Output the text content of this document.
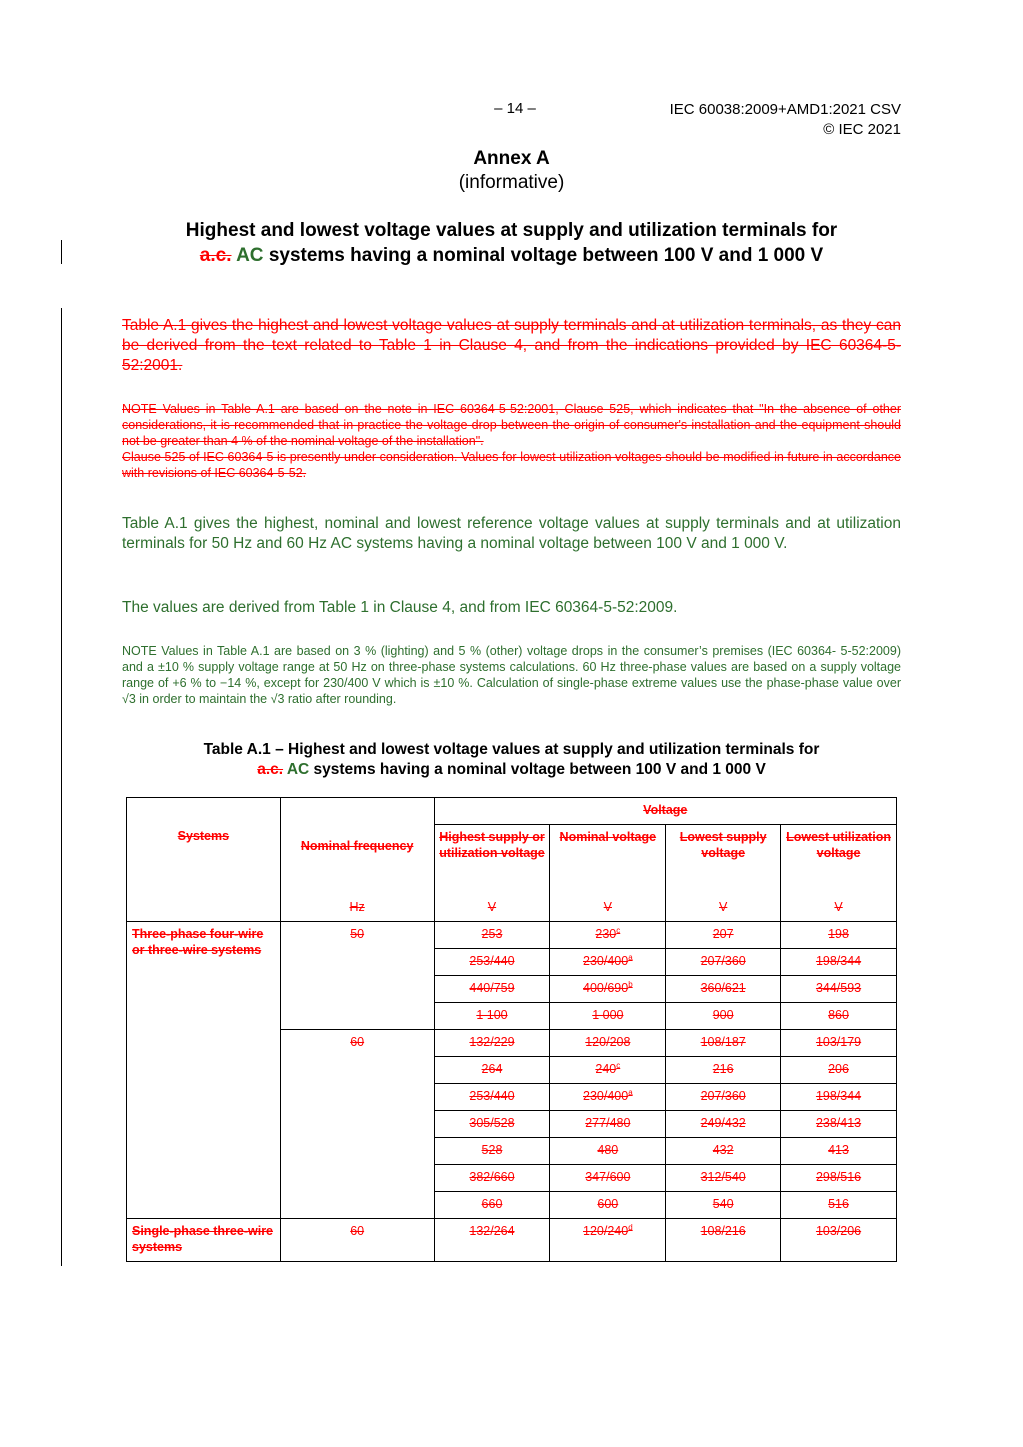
– 14 –	IEC 60038:2009+AMD1:2021 CSV
© IEC 2021
Annex A
(informative)
Highest and lowest voltage values at supply and utilization terminals for
a.c. AC systems having a nominal voltage between 100 V and 1 000 V
Table A.1 gives the highest and lowest voltage values at supply terminals and at utilization terminals, as they can be derived from the text related to Table 1 in Clause 4, and from the indications provided by IEC 60364-5-52:2001.
NOTE Values in Table A.1 are based on the note in IEC 60364-5-52:2001, Clause 525, which indicates that "In the absence of other considerations, it is recommended that in practice the voltage drop between the origin of consumer's installation and the equipment should not be greater than 4 % of the nominal voltage of the installation".
Clause 525 of IEC 60364-5 is presently under consideration. Values for lowest utilization voltages should be modified in future in accordance with revisions of IEC 60364-5-52.
Table A.1 gives the highest, nominal and lowest reference voltage values at supply terminals and at utilization terminals for 50 Hz and 60 Hz AC systems having a nominal voltage between 100 V and 1 000 V.
The values are derived from Table 1 in Clause 4, and from IEC 60364-5-52:2009.
NOTE Values in Table A.1 are based on 3 % (lighting) and 5 % (other) voltage drops in the consumer’s premises (IEC 60364- 5-52:2009) and a ±10 % supply voltage range at 50 Hz on three-phase systems calculations. 60 Hz three-phase values are based on a supply voltage range of +6 % to −14 %, except for 230/400 V which is ±10 %. Calculation of single-phase extreme values use the phase-phase value over √3 in order to maintain the √3 ratio after rounding.
Table A.1 – Highest and lowest voltage values at supply and utilization terminals for
a.c. AC systems having a nominal voltage between 100 V and 1 000 V
Systems	Nominal frequency	Voltage			
		Highest supply or utilization voltage	Nominal voltage	Lowest supply voltage	Lowest utilization voltage
	Hz	V	V	V	V
Three-phase four-wire or three-wire systems	50	253	230$^c$	207	198
		253/440	230/400$^a$	207/360	198/344
		440/759	400/690$^b$	360/621	344/593
		1 100	1 000	900	860
	60	132/229	120/208	108/187	103/179
		264	240$^c$	216	206
		253/440	230/400$^a$	207/360	198/344
		305/528	277/480	249/432	238/413
		528	480	432	413
		382/660	347/600	312/540	298/516
		660	600	540	516
Single-phase three-wire systems	60	132/264	120/240$^d$	108/216	103/206
